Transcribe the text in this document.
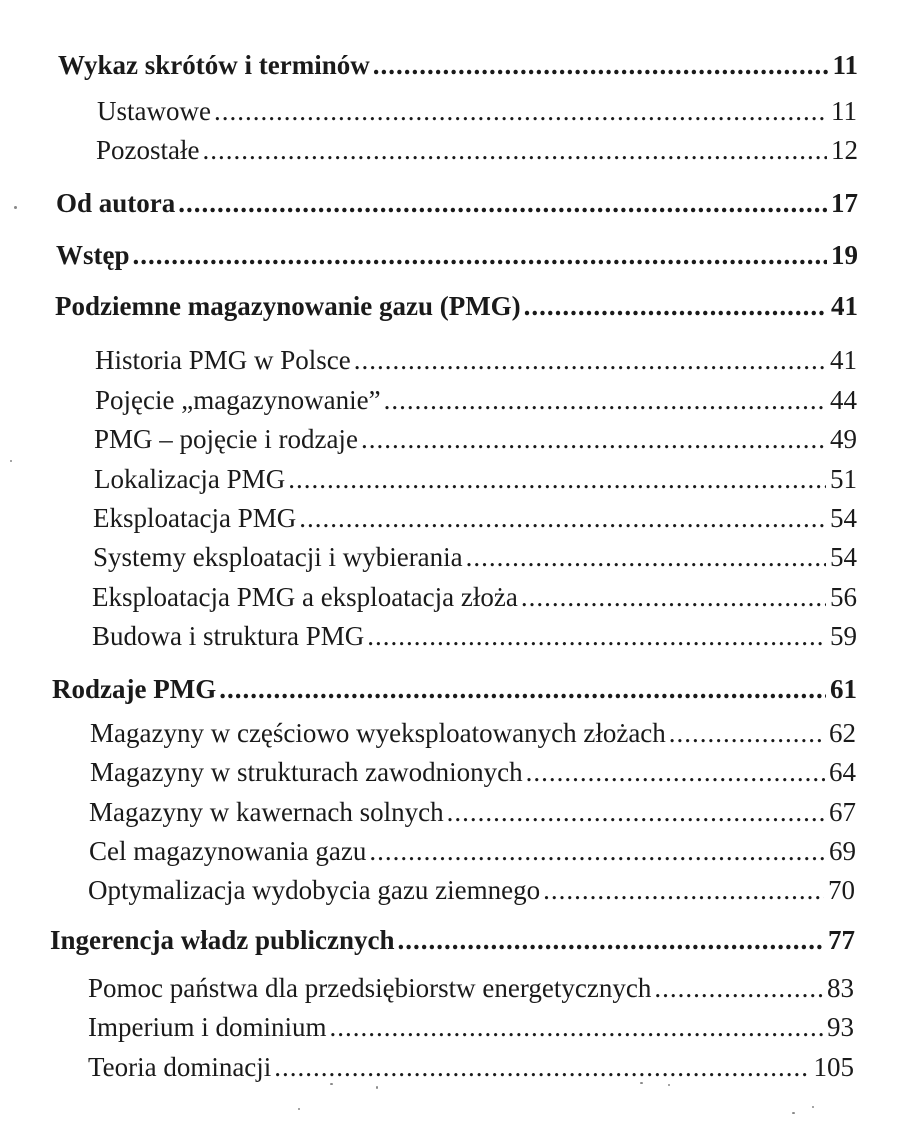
Wykaz skrótów i terminów .....	11
Ustawowe .....	11
Pozostałe .....	12
Od autora .....	17
Wstęp .....	19
Podziemne magazynowanie gazu (PMG) .....	41
Historia PMG w Polsce .....	41
Pojęcie „magazynowanie” .....	44
PMG – pojęcie i rodzaje .....	49
Lokalizacja PMG .....	51
Eksploatacja PMG .....	54
Systemy eksploatacji i wybierania .....	54
Eksploatacja PMG a eksploatacja złoża .....	56
Budowa i struktura PMG .....	59
Rodzaje PMG .....	61
Magazyny w częściowo wyeksploatowanych złożach .....	62
Magazyny w strukturach zawodnionych .....	64
Magazyny w kawernach solnych .....	67
Cel magazynowania gazu .....	69
Optymalizacja wydobycia gazu ziemnego .....	70
Ingerencja władz publicznych .....	77
Pomoc państwa dla przedsiębiorstw energetycznych .....	83
Imperium i dominium .....	93
Teoria dominacji .....	105
